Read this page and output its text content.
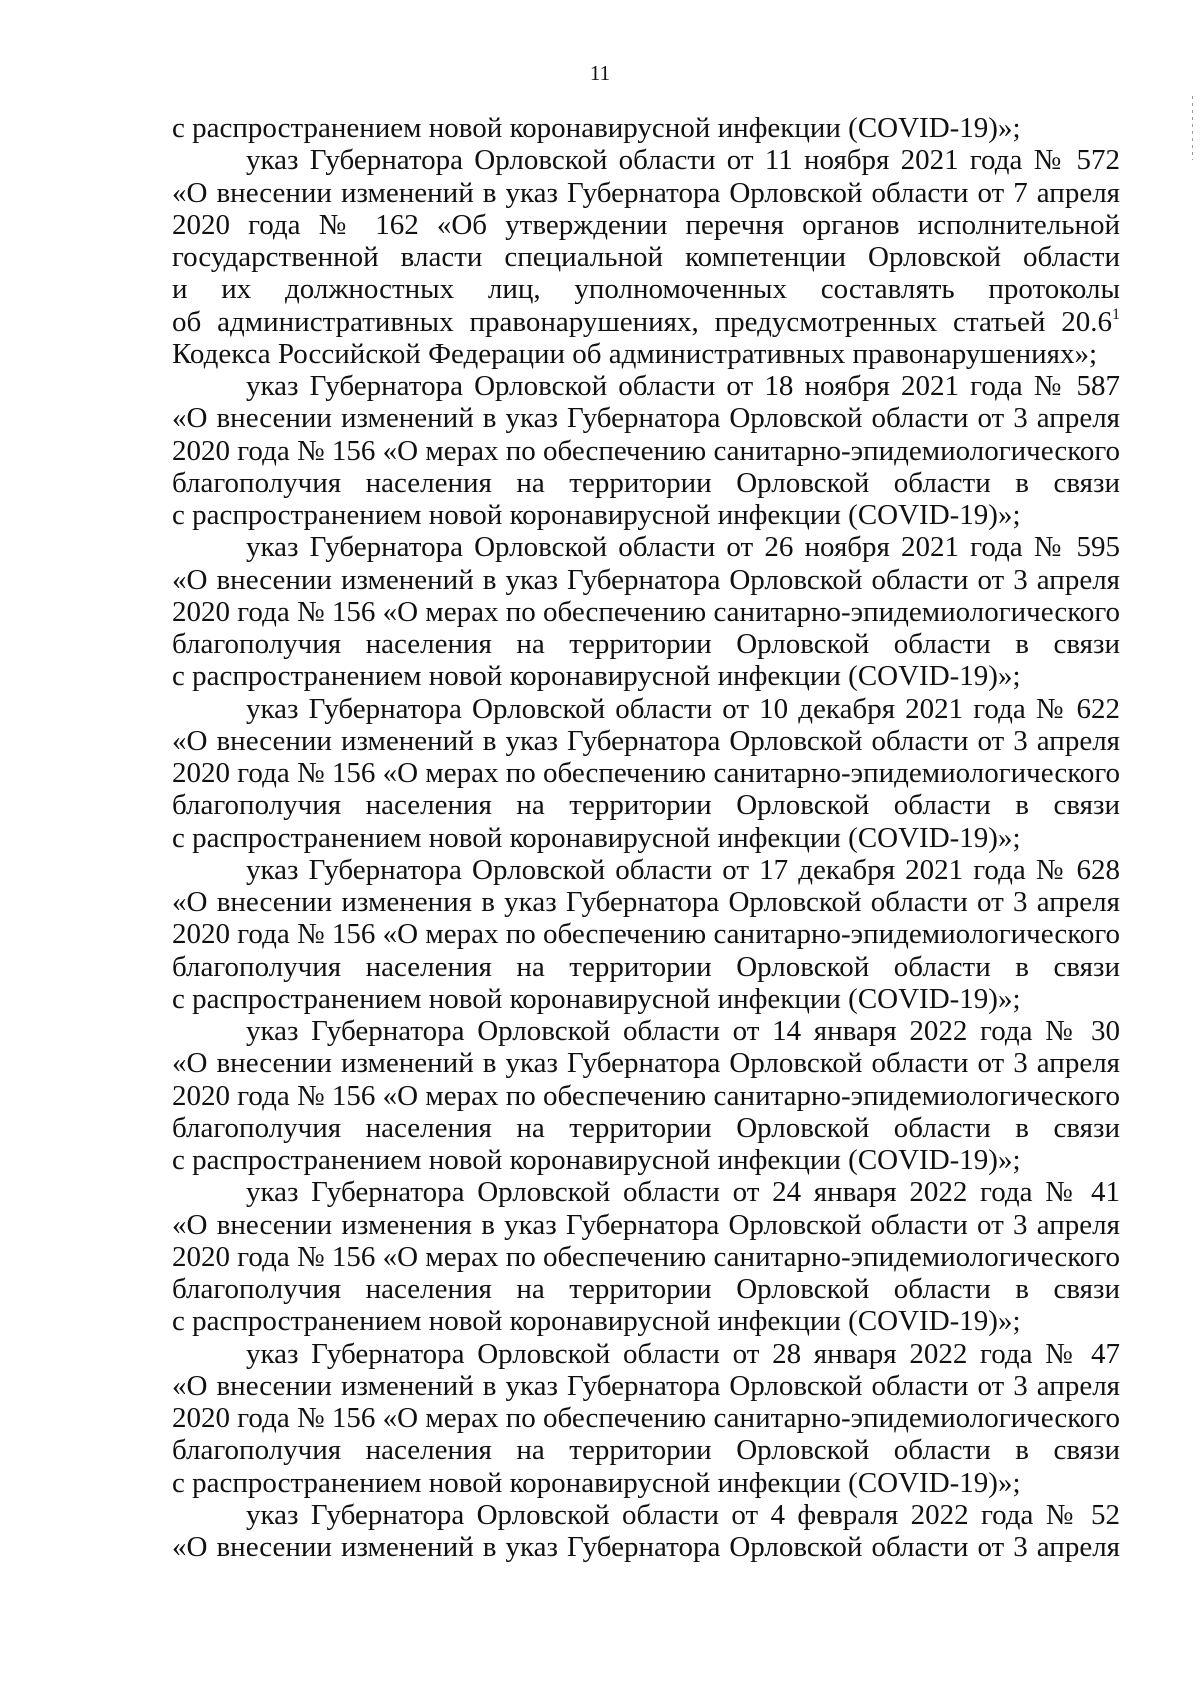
11
с распространением новой коронавирусной инфекции (COVID-19)»;
указ Губернатора Орловской области от 11 ноября 2021 года № 572
«О внесении изменений в указ Губернатора Орловской области от 7 апреля
2020 года № 162 «Об утверждении перечня органов исполнительной
государственной власти специальной компетенции Орловской области
и их должностных лиц, уполномоченных составлять протоколы
об административных правонарушениях, предусмотренных статьей 20.6$^1$
Кодекса Российской Федерации об административных правонарушениях»;
указ Губернатора Орловской области от 18 ноября 2021 года № 587
«О внесении изменений в указ Губернатора Орловской области от 3 апреля
2020 года № 156 «О мерах по обеспечению санитарно-эпидемиологического
благополучия населения на территории Орловской области в связи
с распространением новой коронавирусной инфекции (COVID-19)»;
указ Губернатора Орловской области от 26 ноября 2021 года № 595
«О внесении изменений в указ Губернатора Орловской области от 3 апреля
2020 года № 156 «О мерах по обеспечению санитарно-эпидемиологического
благополучия населения на территории Орловской области в связи
с распространением новой коронавирусной инфекции (COVID-19)»;
указ Губернатора Орловской области от 10 декабря 2021 года № 622
«О внесении изменений в указ Губернатора Орловской области от 3 апреля
2020 года № 156 «О мерах по обеспечению санитарно-эпидемиологического
благополучия населения на территории Орловской области в связи
с распространением новой коронавирусной инфекции (COVID-19)»;
указ Губернатора Орловской области от 17 декабря 2021 года № 628
«О внесении изменения в указ Губернатора Орловской области от 3 апреля
2020 года № 156 «О мерах по обеспечению санитарно-эпидемиологического
благополучия населения на территории Орловской области в связи
с распространением новой коронавирусной инфекции (COVID-19)»;
указ Губернатора Орловской области от 14 января 2022 года № 30
«О внесении изменений в указ Губернатора Орловской области от 3 апреля
2020 года № 156 «О мерах по обеспечению санитарно-эпидемиологического
благополучия населения на территории Орловской области в связи
с распространением новой коронавирусной инфекции (COVID-19)»;
указ Губернатора Орловской области от 24 января 2022 года № 41
«О внесении изменения в указ Губернатора Орловской области от 3 апреля
2020 года № 156 «О мерах по обеспечению санитарно-эпидемиологического
благополучия населения на территории Орловской области в связи
с распространением новой коронавирусной инфекции (COVID-19)»;
указ Губернатора Орловской области от 28 января 2022 года № 47
«О внесении изменений в указ Губернатора Орловской области от 3 апреля
2020 года № 156 «О мерах по обеспечению санитарно-эпидемиологического
благополучия населения на территории Орловской области в связи
с распространением новой коронавирусной инфекции (COVID-19)»;
указ Губернатора Орловской области от 4 февраля 2022 года № 52
«О внесении изменений в указ Губернатора Орловской области от 3 апреля
